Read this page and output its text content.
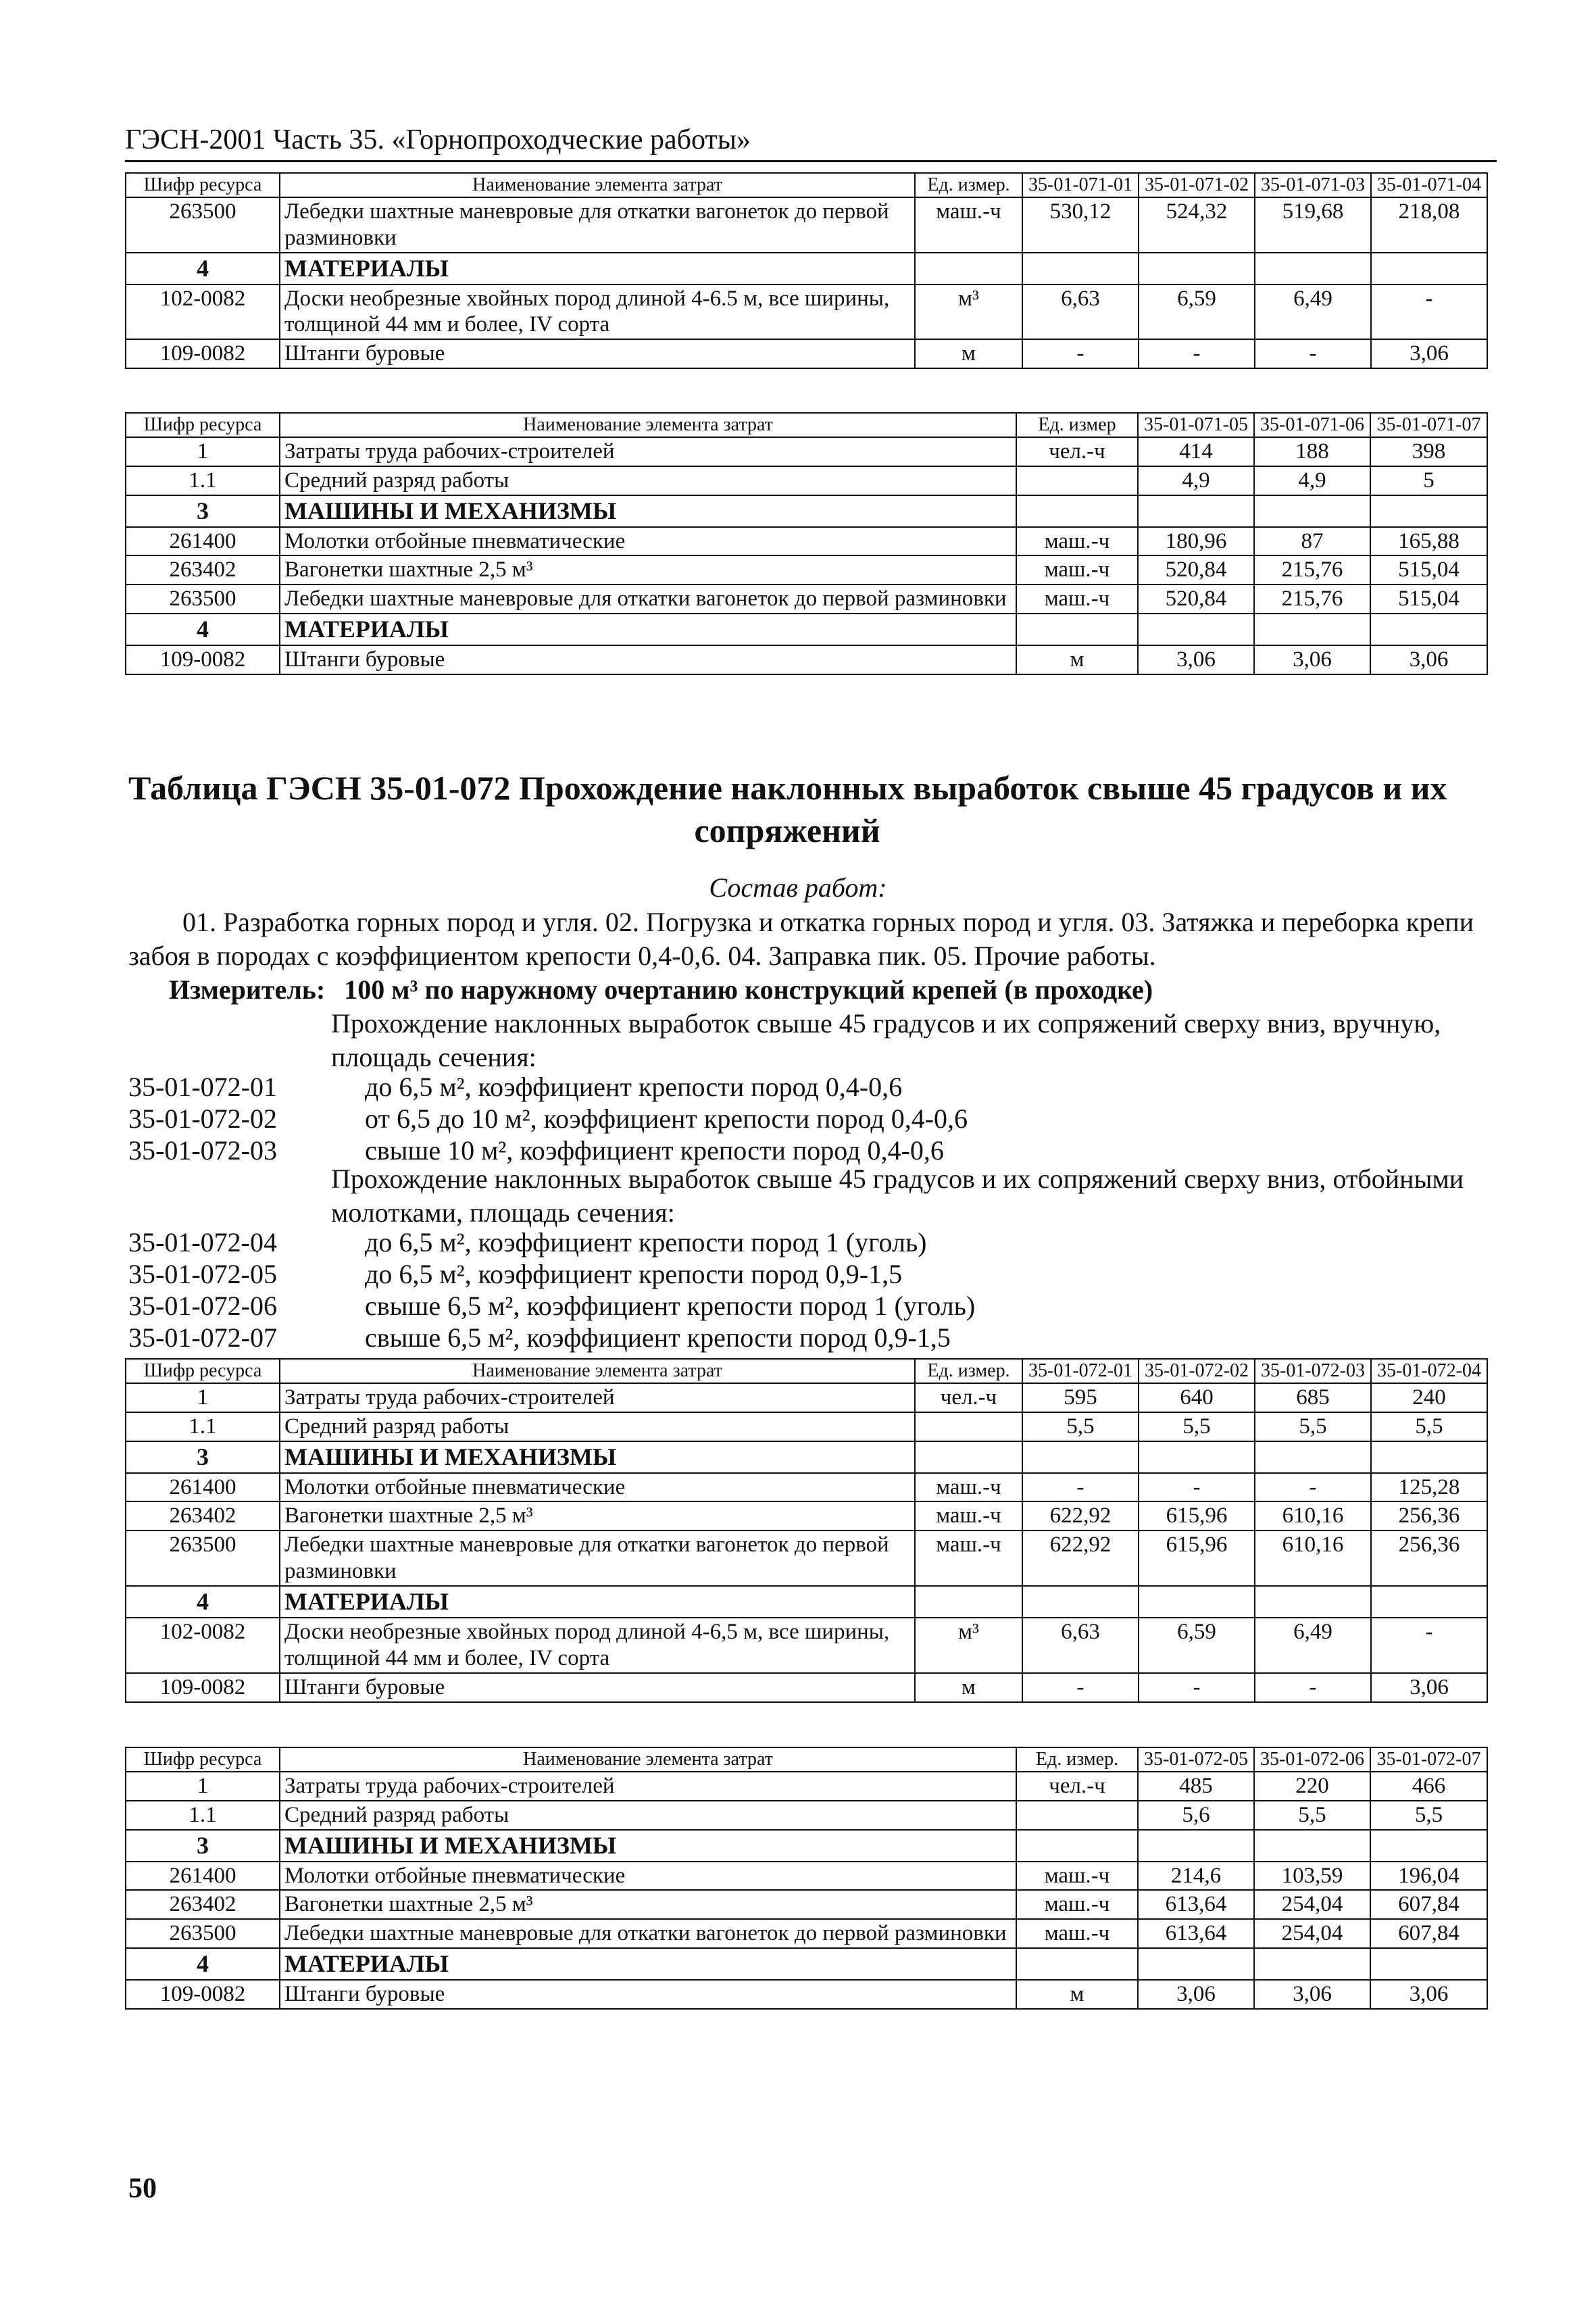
ГЭСН-2001 Часть 35. «Горнопроходческие работы»
Шифр ресурса	Наименование элемента затрат	Ед. измер.	35-01-071-01	35-01-071-02	35-01-071-03	35-01-071-04
263500	Лебедки шахтные маневровые для откатки вагонеток до первой разминовки	маш.-ч	530,12	524,32	519,68	218,08
4	МАТЕРИАЛЫ					
102-0082	Доски необрезные хвойных пород длиной 4-6.5 м, все ширины, толщиной 44 мм и более, IV сорта	м³	6,63	6,59	6,49	-
109-0082	Штанги буровые	м	-	-	-	3,06
Шифр ресурса	Наименование элемента затрат	Ед. измер	35-01-071-05	35-01-071-06	35-01-071-07
1	Затраты труда рабочих-строителей	чел.-ч	414	188	398
1.1	Средний разряд работы		4,9	4,9	5
3	МАШИНЫ И МЕХАНИЗМЫ				
261400	Молотки отбойные пневматические	маш.-ч	180,96	87	165,88
263402	Вагонетки шахтные 2,5 м³	маш.-ч	520,84	215,76	515,04
263500	Лебедки шахтные маневровые для откатки вагонеток до первой разминовки	маш.-ч	520,84	215,76	515,04
4	МАТЕРИАЛЫ				
109-0082	Штанги буровые	м	3,06	3,06	3,06
Таблица ГЭСН 35-01-072 Прохождение наклонных выработок свыше 45 градусов и их
сопряжений
Состав работ:
01. Разработка горных пород и угля. 02. Погрузка и откатка горных пород и угля. 03. Затяжка и переборка крепи забоя в породах с коэффициентом крепости 0,4-0,6. 04. Заправка пик. 05. Прочие работы.
Измеритель: 100 м³ по наружному очертанию конструкций крепей (в проходке)
Прохождение наклонных выработок свыше 45 градусов и их сопряжений сверху вниз, вручную, площадь сечения:
35-01-072-01	до 6,5 м², коэффициент крепости пород 0,4-0,6
35-01-072-02	от 6,5 до 10 м², коэффициент крепости пород 0,4-0,6
35-01-072-03	свыше 10 м², коэффициент крепости пород 0,4-0,6
Прохождение наклонных выработок свыше 45 градусов и их сопряжений сверху вниз, отбойными молотками, площадь сечения:
35-01-072-04	до 6,5 м², коэффициент крепости пород 1 (уголь)
35-01-072-05	до 6,5 м², коэффициент крепости пород 0,9-1,5
35-01-072-06	свыше 6,5 м², коэффициент крепости пород 1 (уголь)
35-01-072-07	свыше 6,5 м², коэффициент крепости пород 0,9-1,5
Шифр ресурса	Наименование элемента затрат	Ед. измер.	35-01-072-01	35-01-072-02	35-01-072-03	35-01-072-04
1	Затраты труда рабочих-строителей	чел.-ч	595	640	685	240
1.1	Средний разряд работы		5,5	5,5	5,5	5,5
3	МАШИНЫ И МЕХАНИЗМЫ					
261400	Молотки отбойные пневматические	маш.-ч	-	-	-	125,28
263402	Вагонетки шахтные 2,5 м³	маш.-ч	622,92	615,96	610,16	256,36
263500	Лебедки шахтные маневровые для откатки вагонеток до первой разминовки	маш.-ч	622,92	615,96	610,16	256,36
4	МАТЕРИАЛЫ					
102-0082	Доски необрезные хвойных пород длиной 4-6,5 м, все ширины, толщиной 44 мм и более, IV сорта	м³	6,63	6,59	6,49	-
109-0082	Штанги буровые	м	-	-	-	3,06
Шифр ресурса	Наименование элемента затрат	Ед. измер.	35-01-072-05	35-01-072-06	35-01-072-07
1	Затраты труда рабочих-строителей	чел.-ч	485	220	466
1.1	Средний разряд работы		5,6	5,5	5,5
3	МАШИНЫ И МЕХАНИЗМЫ				
261400	Молотки отбойные пневматические	маш.-ч	214,6	103,59	196,04
263402	Вагонетки шахтные 2,5 м³	маш.-ч	613,64	254,04	607,84
263500	Лебедки шахтные маневровые для откатки вагонеток до первой разминовки	маш.-ч	613,64	254,04	607,84
4	МАТЕРИАЛЫ				
109-0082	Штанги буровые	м	3,06	3,06	3,06
50
